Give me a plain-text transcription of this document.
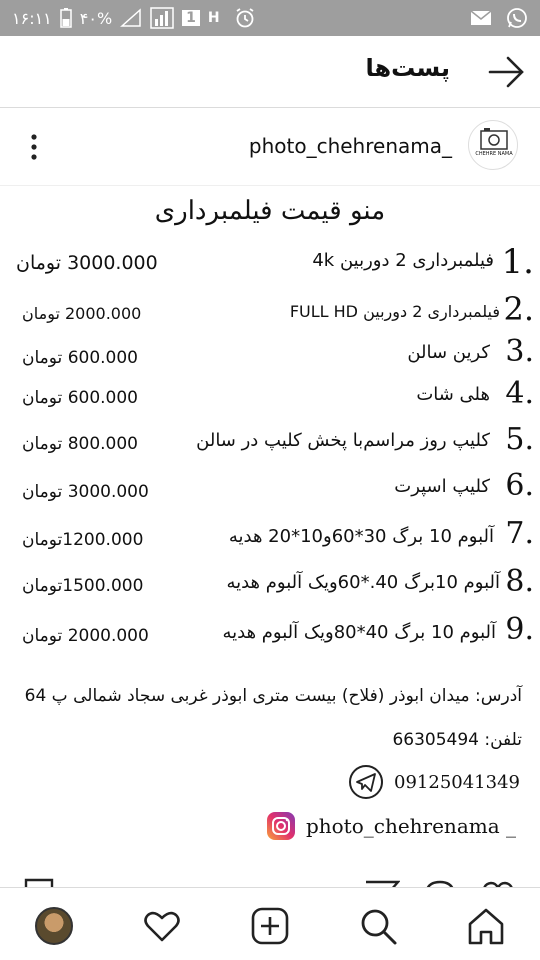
۱۶:۱۱ ۴۰%	1 H
پست‌ها
CHEHRE NAMA
photo_chehrenama_
منو قیمت فیلمبرداری
1.
فیلمبرداری 2 دوربین 4k
3000.000 تومان
2.
فیلمبرداری 2 دوربین FULL HD
2000.000 تومان
3.
کرین سالن
600.000 تومان
4.
هلی شات
600.000 تومان
5.
کلیپ روز مراسم‌با پخش کلیپ در سالن
800.000 تومان
6.
کلیپ اسپرت
3000.000 تومان
7.
آلبوم 10 برگ 30*60و10*20 هدیه
1200.000تومان
8.
آلبوم 10برگ 40.*60ویک آلبوم هدیه
1500.000تومان
9.
آلبوم 10 برگ 40*80ویک آلبوم هدیه
2000.000 تومان
آدرس: میدان ابوذر (فلاح) بیست متری ابوذر غربی سجاد شمالی پ 64
تلفن: 66305494
09125041349
photo_chehrenama _
